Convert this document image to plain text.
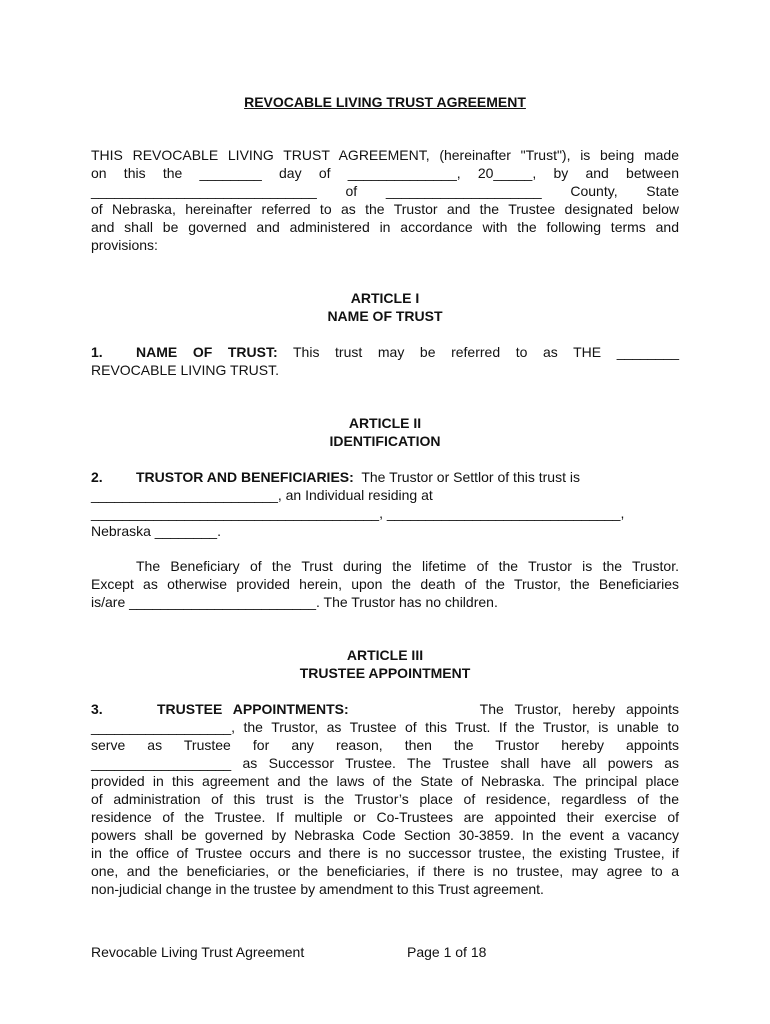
REVOCABLE LIVING TRUST AGREEMENT
THIS REVOCABLE LIVING TRUST AGREEMENT, (hereinafter "Trust"), is being made
on this the ________ day of ______________, 20_____, by and between
_____________________________ of ____________________ County, State
of Nebraska, hereinafter referred to as the Trustor and the Trustee designated below
and shall be governed and administered in accordance with the following terms and
provisions:
ARTICLE I
NAME OF TRUST
1. NAME OF TRUST: This trust may be referred to as THE ________
REVOCABLE LIVING TRUST.
ARTICLE II
IDENTIFICATION
2. TRUSTOR AND BENEFICIARIES: The Trustor or Settlor of this trust is
________________________, an Individual residing at
_____________________________________, ______________________________,
Nebraska ________.
The Beneficiary of the Trust during the lifetime of the Trustor is the Trustor.
Except as otherwise provided herein, upon the death of the Trustor, the Beneficiaries
is/are ________________________. The Trustor has no children.
ARTICLE III
TRUSTEE APPOINTMENT
3.	TRUSTEE APPOINTMENTS:	The Trustor, hereby appoints
__________________, the Trustor, as Trustee of this Trust. If the Trustor, is unable to
serve as Trustee for any reason, then the Trustor hereby appoints
__________________ as Successor Trustee. The Trustee shall have all powers as
provided in this agreement and the laws of the State of Nebraska. The principal place
of administration of this trust is the Trustor’s place of residence, regardless of the
residence of the Trustee. If multiple or Co-Trustees are appointed their exercise of
powers shall be governed by Nebraska Code Section 30-3859. In the event a vacancy
in the office of Trustee occurs and there is no successor trustee, the existing Trustee, if
one, and the beneficiaries, or the beneficiaries, if there is no trustee, may agree to a
non-judicial change in the trustee by amendment to this Trust agreement.
Revocable Living Trust Agreement	Page 1 of 18
